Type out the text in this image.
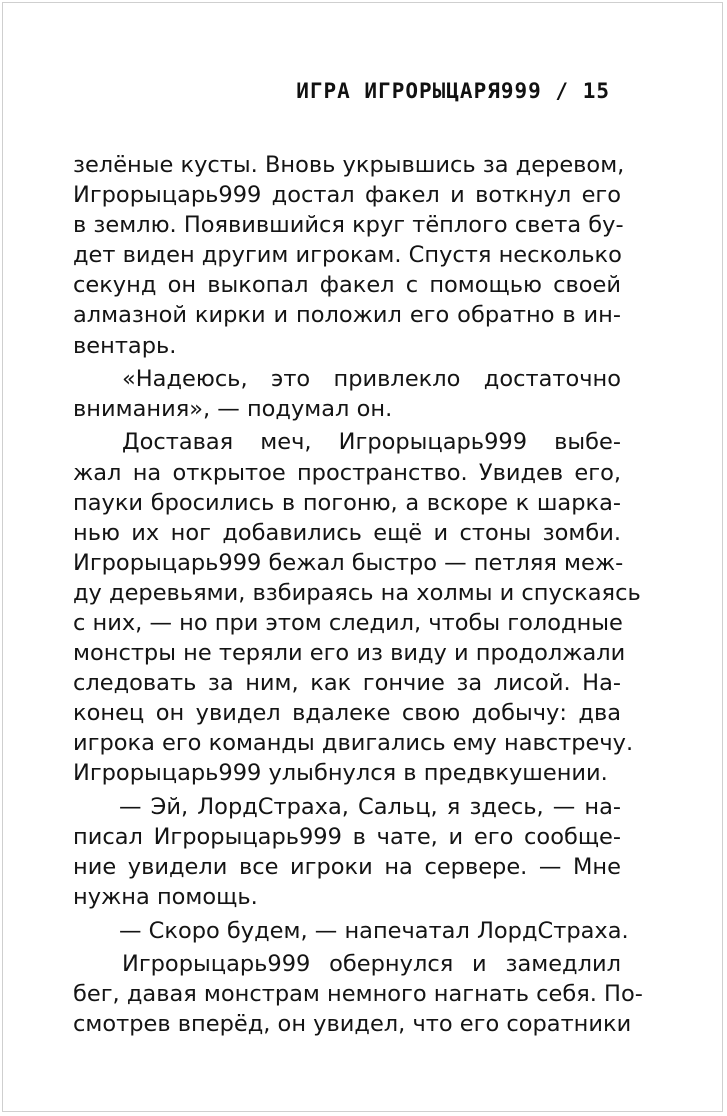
ИГРА ИГРОРЫЦАРЯ999 / 15
зелёные кусты. Вновь укрывшись за деревом,
Игрорыцарь999 достал факел и воткнул его
в землю. Появившийся круг тёплого света бу-
дет виден другим игрокам. Спустя несколько
секунд он выкопал факел с помощью своей
алмазной кирки и положил его обратно в ин-
вентарь.
«Надеюсь, это привлекло достаточно
внимания», — подумал он.
Доставая меч, Игрорыцарь999 выбе-
жал на открытое пространство. Увидев его,
пауки бросились в погоню, а вскоре к шарка-
нью их ног добавились ещё и стоны зомби.
Игрорыцарь999 бежал быстро — петляя меж-
ду деревьями, взбираясь на холмы и спускаясь
с них, — но при этом следил, чтобы голодные
монстры не теряли его из виду и продолжали
следовать за ним, как гончие за лисой. На-
конец он увидел вдалеке свою добычу: два
игрока его команды двигались ему навстречу.
Игрорыцарь999 улыбнулся в предвкушении.
— Эй, ЛордСтраха, Сальц, я здесь, — на-
писал Игрорыцарь999 в чате, и его сообще-
ние увидели все игроки на сервере. — Мне
нужна помощь.
— Скоро будем, — напечатал ЛордСтраха.
Игрорыцарь999 обернулся и замедлил
бег, давая монстрам немного нагнать себя. По-
смотрев вперёд, он увидел, что его соратники
